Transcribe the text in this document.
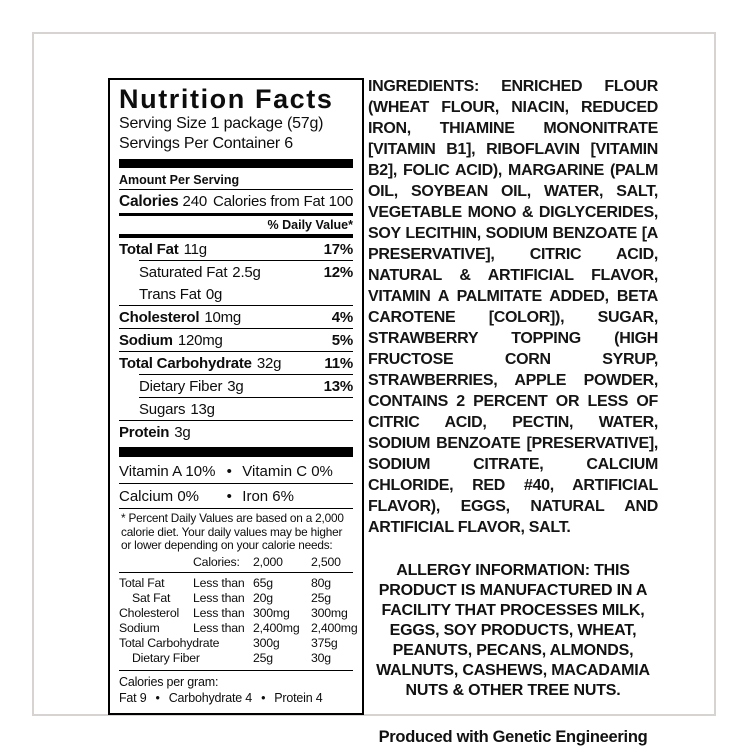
Nutrition Facts
Serving Size 1 package (57g)
Servings Per Container 6
Amount Per Serving
Calories 240 Calories from Fat 100
% Daily Value*
Total Fat 11g	17%
Saturated Fat 2.5g	12%
Trans Fat 0g
Cholesterol 10mg	4%
Sodium 120mg	5%
Total Carbohydrate 32g	11%
Dietary Fiber 3g	13%
Sugars 13g
Protein 3g
Vitamin A 10% • Vitamin C 0%
Calcium 0%	• Iron 6%
* Percent Daily Values are based on a 2,000 calorie diet. Your daily values may be higher or lower depending on your calorie needs:
Calories:	2,000	2,500
Total Fat	Less than 65g	80g
Sat Fat	Less than 20g	25g
Cholesterol	Less than 300mg	300mg
Sodium	Less than 2,400mg 2,400mg
Total Carbohydrate	300g	375g
Dietary Fiber	25g	30g
Calories per gram:
Fat 9 • Carbohydrate 4 • Protein 4
INGREDIENTS: ENRICHED FLOUR (WHEAT FLOUR, NIACIN, REDUCED IRON, THIAMINE MONONITRATE [VITAMIN B1], RIBOFLAVIN [VITAMIN B2], FOLIC ACID), MARGARINE (PALM OIL, SOYBEAN OIL, WATER, SALT, VEGETABLE MONO & DIGLYCERIDES, SOY LECITHIN, SODIUM BENZOATE [A PRESERVATIVE], CITRIC ACID, NATURAL & ARTIFICIAL FLAVOR, VITAMIN A PALMITATE ADDED, BETA CAROTENE [COLOR]), SUGAR, STRAWBERRY TOPPING (HIGH FRUCTOSE CORN SYRUP, STRAWBERRIES, APPLE POWDER, CONTAINS 2 PERCENT OR LESS OF CITRIC ACID, PECTIN, WATER, SODIUM BENZOATE [PRESERVATIVE], SODIUM CITRATE, CALCIUM CHLORIDE, RED #40, ARTIFICIAL FLAVOR), EGGS, NATURAL AND ARTIFICIAL FLAVOR, SALT.
ALLERGY INFORMATION: THIS PRODUCT IS MANUFACTURED IN A FACILITY THAT PROCESSES MILK, EGGS, SOY PRODUCTS, WHEAT, PEANUTS, PECANS, ALMONDS, WALNUTS, CASHEWS, MACADAMIA NUTS & OTHER TREE NUTS.
Produced with Genetic Engineering
